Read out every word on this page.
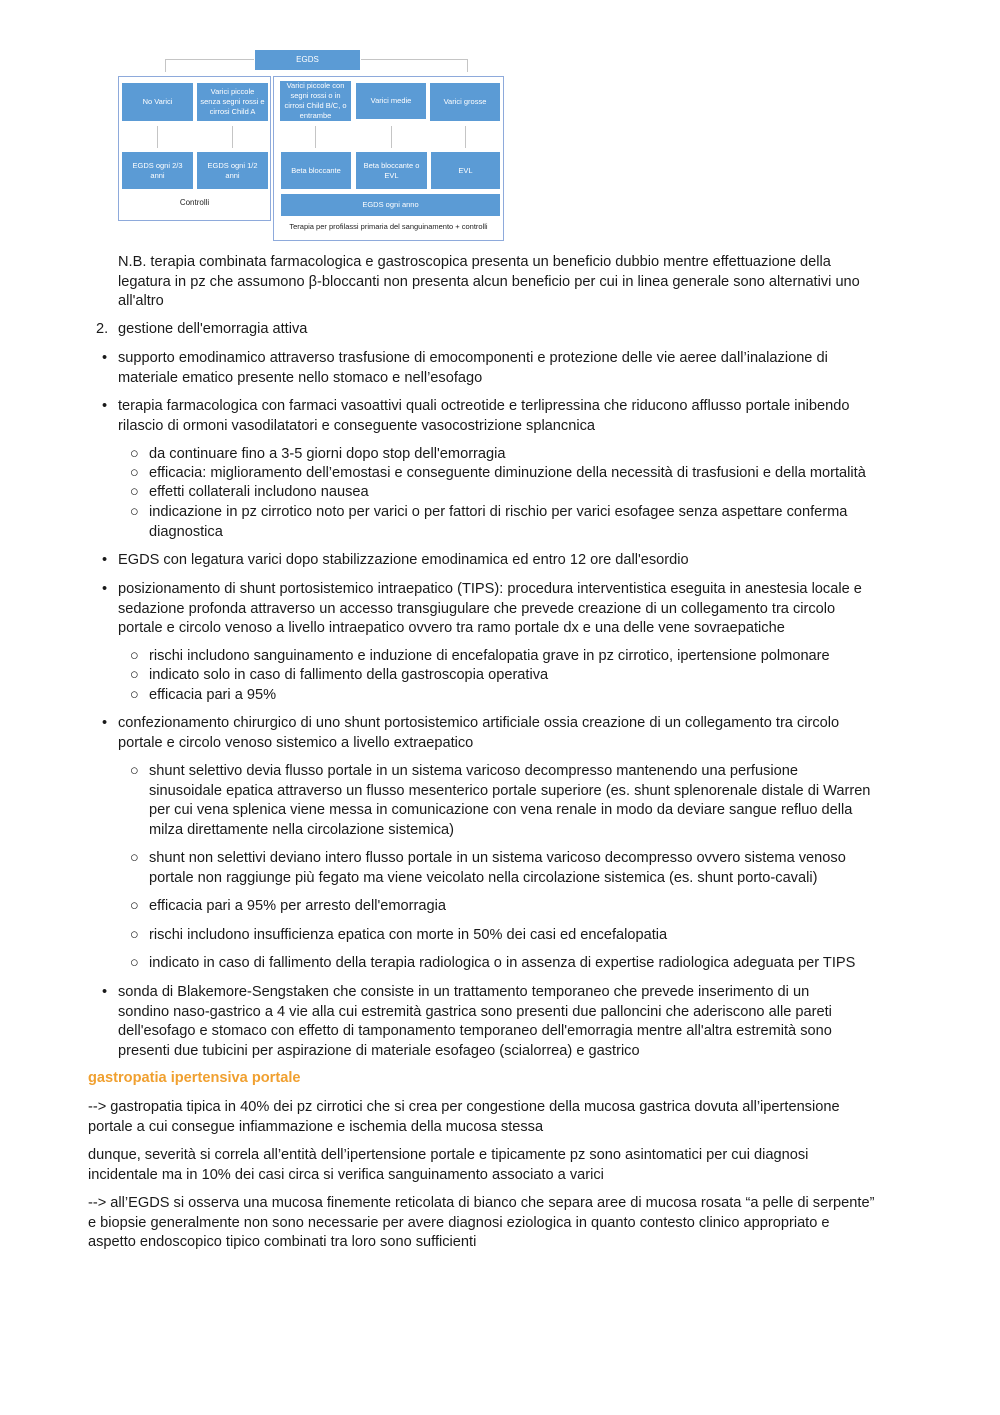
EGDS
No Varici
Varici piccole senza segni rossi e cirrosi Child A
EGDS ogni 2/3 anni
EGDS ogni 1/2 anni
Controlli
Varici piccole con segni rossi o in cirrosi Child B/C, o entrambe
Varici medie	Varici grosse
Beta bloccante
Beta bloccante o EVL
EVL
EGDS ogni anno
Terapia per profilassi primaria del sanguinamento + controlli

N.B. terapia combinata farmacologica e gastroscopica presenta un beneficio dubbio mentre effettuazione della legatura in pz che assumono β-bloccanti non presenta alcun beneficio per cui in linea generale sono alternativi uno all'altro

2. gestione dell'emorragia attiva

• supporto emodinamico attraverso trasfusione di emocomponenti e protezione delle vie aeree dall’inalazione di materiale ematico presente nello stomaco e nell’esofago

• terapia farmacologica con farmaci vasoattivi quali octreotide e terlipressina che riducono afflusso portale inibendo rilascio di ormoni vasodilatatori e conseguente vasocostrizione splancnica

○ da continuare fino a 3-5 giorni dopo stop dell'emorragia

○ efficacia: miglioramento dell’emostasi e conseguente diminuzione della necessità di trasfusioni e della mortalità

○ effetti collaterali includono nausea

○ indicazione in pz cirrotico noto per varici o per fattori di rischio per varici esofagee senza aspettare conferma diagnostica

• EGDS con legatura varici dopo stabilizzazione emodinamica ed entro 12 ore dall'esordio

• posizionamento di shunt portosistemico intraepatico (TIPS): procedura interventistica eseguita in anestesia locale e sedazione profonda attraverso un accesso transgiugulare che prevede creazione di un collegamento tra circolo portale e circolo venoso a livello intraepatico ovvero tra ramo portale dx e una delle vene sovraepatiche

○ rischi includono sanguinamento e induzione di encefalopatia grave in pz cirrotico, ipertensione polmonare

○ indicato solo in caso di fallimento della gastroscopia operativa

○ efficacia pari a 95%

• confezionamento chirurgico di uno shunt portosistemico artificiale ossia creazione di un collegamento tra circolo portale e circolo venoso sistemico a livello extraepatico

○ shunt selettivo devia flusso portale in un sistema varicoso decompresso mantenendo una perfusione sinusoidale epatica attraverso un flusso mesenterico portale superiore (es. shunt splenorenale distale di Warren per cui vena splenica viene messa in comunicazione con vena renale in modo da deviare sangue refluo della milza direttamente nella circolazione sistemica)

○ shunt non selettivi deviano intero flusso portale in un sistema varicoso decompresso ovvero sistema venoso portale non raggiunge più fegato ma viene veicolato nella circolazione sistemica (es. shunt porto-cavali)

○ efficacia pari a 95% per arresto dell'emorragia

○ rischi includono insufficienza epatica con morte in 50% dei casi ed encefalopatia

○ indicato in caso di fallimento della terapia radiologica o in assenza di expertise radiologica adeguata per TIPS

• sonda di Blakemore-Sengstaken che consiste in un trattamento temporaneo che prevede inserimento di un sondino naso-gastrico a 4 vie alla cui estremità gastrica sono presenti due palloncini che aderiscono alle pareti dell'esofago e stomaco con effetto di tamponamento temporaneo dell'emorragia mentre all'altra estremità sono presenti due tubicini per aspirazione di materiale esofageo (scialorrea) e gastrico

gastropatia ipertensiva portale

--> gastropatia tipica in 40% dei pz cirrotici che si crea per congestione della mucosa gastrica dovuta all’ipertensione portale a cui consegue infiammazione e ischemia della mucosa stessa

dunque, severità si correla all’entità dell’ipertensione portale e tipicamente pz sono asintomatici per cui diagnosi incidentale ma in 10% dei casi circa si verifica sanguinamento associato a varici

--> all’EGDS si osserva una mucosa finemente reticolata di bianco che separa aree di mucosa rosata “a pelle di serpente” e biopsie generalmente non sono necessarie per avere diagnosi eziologica in quanto contesto clinico appropriato e aspetto endoscopico tipico combinati tra loro sono sufficienti
